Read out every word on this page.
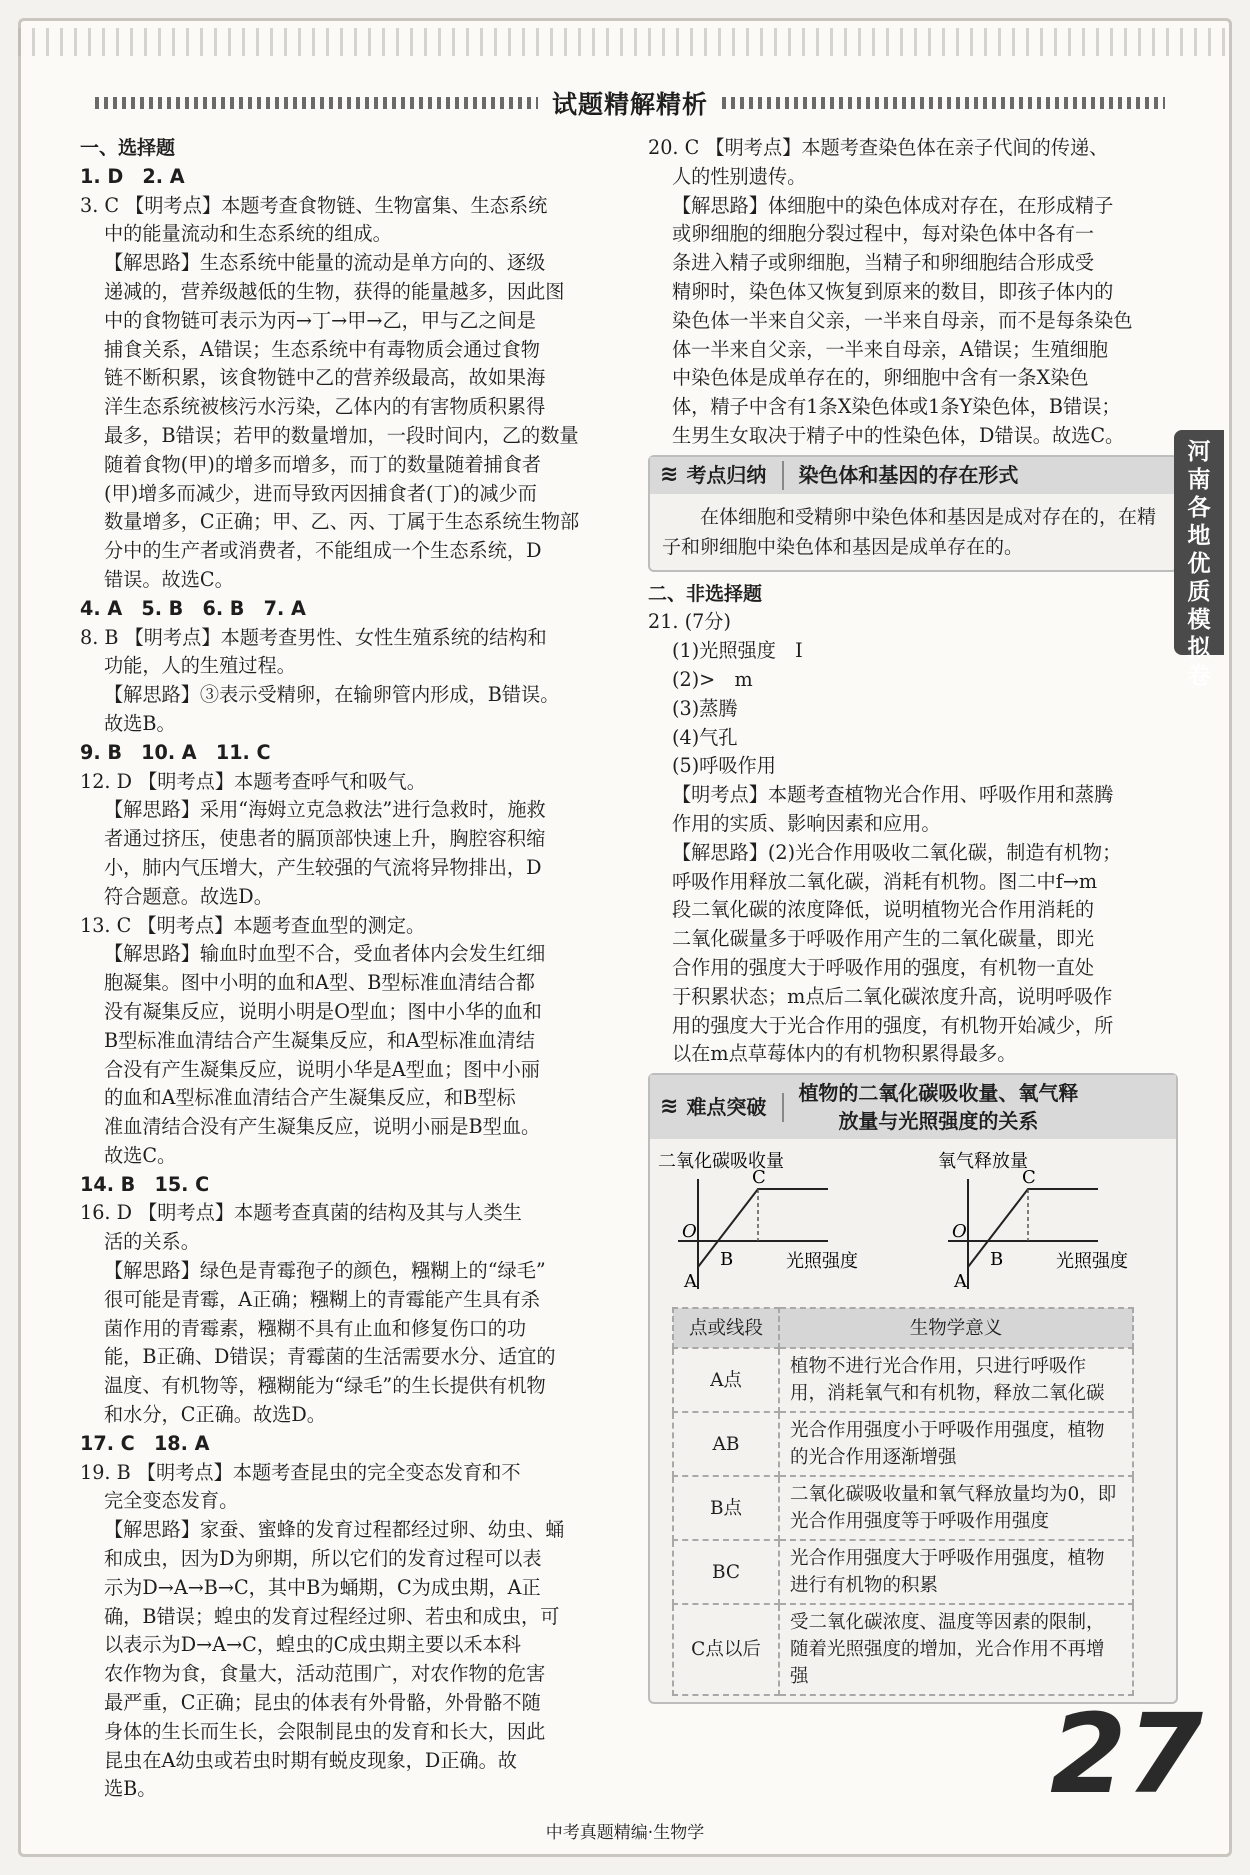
试题精解精析

一、选择题

1. D　2. A

3. C 【明考点】本题考查食物链、生物富集、生态系统

中的能量流动和生态系统的组成。

【解思路】生态系统中能量的流动是单方向的、逐级
递减的，营养级越低的生物，获得的能量越多，因此图
中的食物链可表示为丙→丁→甲→乙，甲与乙之间是
捕食关系，A错误；生态系统中有毒物质会通过食物
链不断积累，该食物链中乙的营养级最高，故如果海
洋生态系统被核污水污染，乙体内的有害物质积累得
最多，B错误；若甲的数量增加，一段时间内，乙的数量
随着食物(甲)的增多而增多，而丁的数量随着捕食者
(甲)增多而减少，进而导致丙因捕食者(丁)的减少而
数量增多，C正确；甲、乙、丙、丁属于生态系统生物部
分中的生产者或消费者，不能组成一个生态系统，D
错误。故选C。

4. A　5. B　6. B　7. A

8. B 【明考点】本题考查男性、女性生殖系统的结构和

功能，人的生殖过程。

【解思路】③表示受精卵，在输卵管内形成，B错误。
故选B。

9. B　10. A　11. C

12. D 【明考点】本题考查呼气和吸气。

【解思路】采用“海姆立克急救法”进行急救时，施救
者通过挤压，使患者的膈顶部快速上升，胸腔容积缩
小，肺内气压增大，产生较强的气流将异物排出，D
符合题意。故选D。

13. C 【明考点】本题考查血型的测定。

【解思路】输血时血型不合，受血者体内会发生红细
胞凝集。图中小明的血和A型、B型标准血清结合都
没有凝集反应，说明小明是O型血；图中小华的血和
B型标准血清结合产生凝集反应，和A型标准血清结
合没有产生凝集反应，说明小华是A型血；图中小丽
的血和A型标准血清结合产生凝集反应，和B型标
准血清结合没有产生凝集反应，说明小丽是B型血。
故选C。

14. B　15. C

16. D 【明考点】本题考查真菌的结构及其与人类生

活的关系。

【解思路】绿色是青霉孢子的颜色，糨糊上的“绿毛”
很可能是青霉，A正确；糨糊上的青霉能产生具有杀
菌作用的青霉素，糨糊不具有止血和修复伤口的功
能，B正确、D错误；青霉菌的生活需要水分、适宜的
温度、有机物等，糨糊能为“绿毛”的生长提供有机物
和水分，C正确。故选D。

17. C　18. A

19. B 【明考点】本题考查昆虫的完全变态发育和不

完全变态发育。

【解思路】家蚕、蜜蜂的发育过程都经过卵、幼虫、蛹
和成虫，因为D为卵期，所以它们的发育过程可以表
示为D→A→B→C，其中B为蛹期，C为成虫期，A正
确，B错误；蝗虫的发育过程经过卵、若虫和成虫，可
以表示为D→A→C，蝗虫的C成虫期主要以禾本科
农作物为食，食量大，活动范围广，对农作物的危害
最严重，C正确；昆虫的体表有外骨骼，外骨骼不随
身体的生长而生长，会限制昆虫的发育和长大，因此
昆虫在A幼虫或若虫时期有蜕皮现象，D正确。故
选B。

20. C 【明考点】本题考查染色体在亲子代间的传递、

人的性别遗传。

【解思路】体细胞中的染色体成对存在，在形成精子
或卵细胞的细胞分裂过程中，每对染色体中各有一
条进入精子或卵细胞，当精子和卵细胞结合形成受
精卵时，染色体又恢复到原来的数目，即孩子体内的
染色体一半来自父亲，一半来自母亲，而不是每条染色
体一半来自父亲，一半来自母亲，A错误；生殖细胞
中染色体是成单存在的，卵细胞中含有一条X染色
体，精子中含有1条X染色体或1条Y染色体，B错误；
生男生女取决于精子中的性染色体，D错误。故选C。
≋ 考点归纳	染色体和基因的存在形式
在体细胞和受精卵中染色体和基因是成对存在的，在精子和卵细胞中染色体和基因是成单存在的。

二、非选择题

21. (7分)

(1)光照强度　Ⅰ
(2)>　m
(3)蒸腾
(4)气孔
(5)呼吸作用
【明考点】本题考查植物光合作用、呼吸作用和蒸腾
作用的实质、影响因素和应用。
【解思路】(2)光合作用吸收二氧化碳，制造有机物；
呼吸作用释放二氧化碳，消耗有机物。图二中f→m
段二氧化碳的浓度降低，说明植物光合作用消耗的
二氧化碳量多于呼吸作用产生的二氧化碳量，即光
合作用的强度大于呼吸作用的强度，有机物一直处
于积累状态；m点后二氧化碳浓度升高，说明呼吸作
用的强度大于光合作用的强度，有机物开始减少，所
以在m点草莓体内的有机物积累得最多。
≋ 难点突破
植物的二氧化碳吸收量、氧气释
放量与光照强度的关系
二氧化碳吸收量
O
A
B
C
光照强度
氧气释放量
O
A
B
C
光照强度
点或线段	生物学意义
A点	植物不进行光合作用，只进行呼吸作用，消耗氧气和有机物，释放二氧化碳
AB	光合作用强度小于呼吸作用强度，植物的光合作用逐渐增强
B点	二氧化碳吸收量和氧气释放量均为0，即光合作用强度等于呼吸作用强度
BC	光合作用强度大于呼吸作用强度，植物进行有机物的积累
C点以后	受二氧化碳浓度、温度等因素的限制，随着光照强度的增加，光合作用不再增强
河
南
各
地
优
质
模
拟
卷
27
中考真题精编·生物学
